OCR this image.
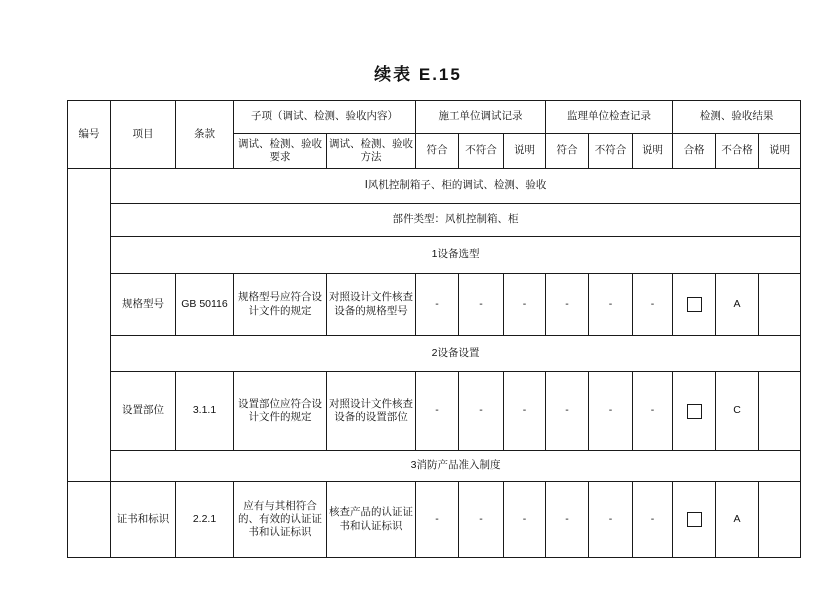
续表 E.15
编号	项目	条款	子项（调试、检测、验收内容）		施工单位调试记录			监理单位检查记录			检测、验收结果		
			调试、检测、验收要求	调试、检测、验收方法	符合	不符合	说明	符合	不符合	说明	合格	不合格	说明
	Ⅰ风机控制箱子、柜的调试、检测、验收												
	部件类型：风机控制箱、柜												
	1设备选型												
	规格型号	GB 50116	规格型号应符合设计文件的规定	对照设计文件核查设备的规格型号	-	-	-	-	-	-		A	
	2设备设置												
	设置部位	3.1.1	设置部位应符合设计文件的规定	对照设计文件核查设备的设置部位	-	-	-	-	-	-		C	
	3消防产品准入制度												
	证书和标识	2.2.1	应有与其相符合的、有效的认证证书和认证标识	核查产品的认证证书和认证标识	-	-	-	-	-	-		A	
